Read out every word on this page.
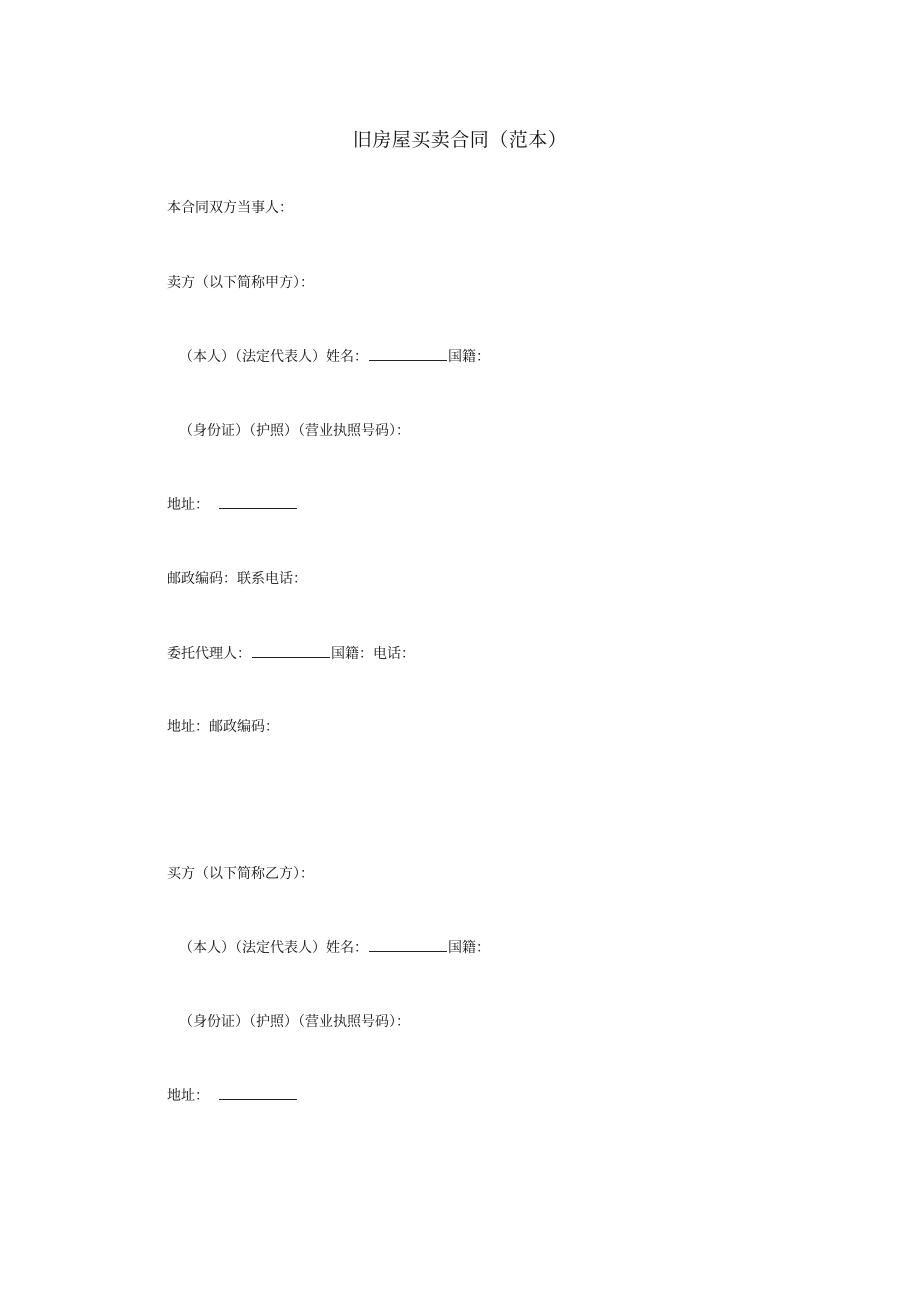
旧房屋买卖合同（范本）

本合同双方当事人：

卖方（以下简称甲方）：

（本人）（法定代表人）姓名：	国籍：

（身份证）（护照）（营业执照号码）：

地址：

邮政编码：联系电话：

委托代理人：	国籍：电话：

地址：邮政编码：

买方（以下简称乙方）：

（本人）（法定代表人）姓名：	国籍：

（身份证）（护照）（营业执照号码）：

地址：
